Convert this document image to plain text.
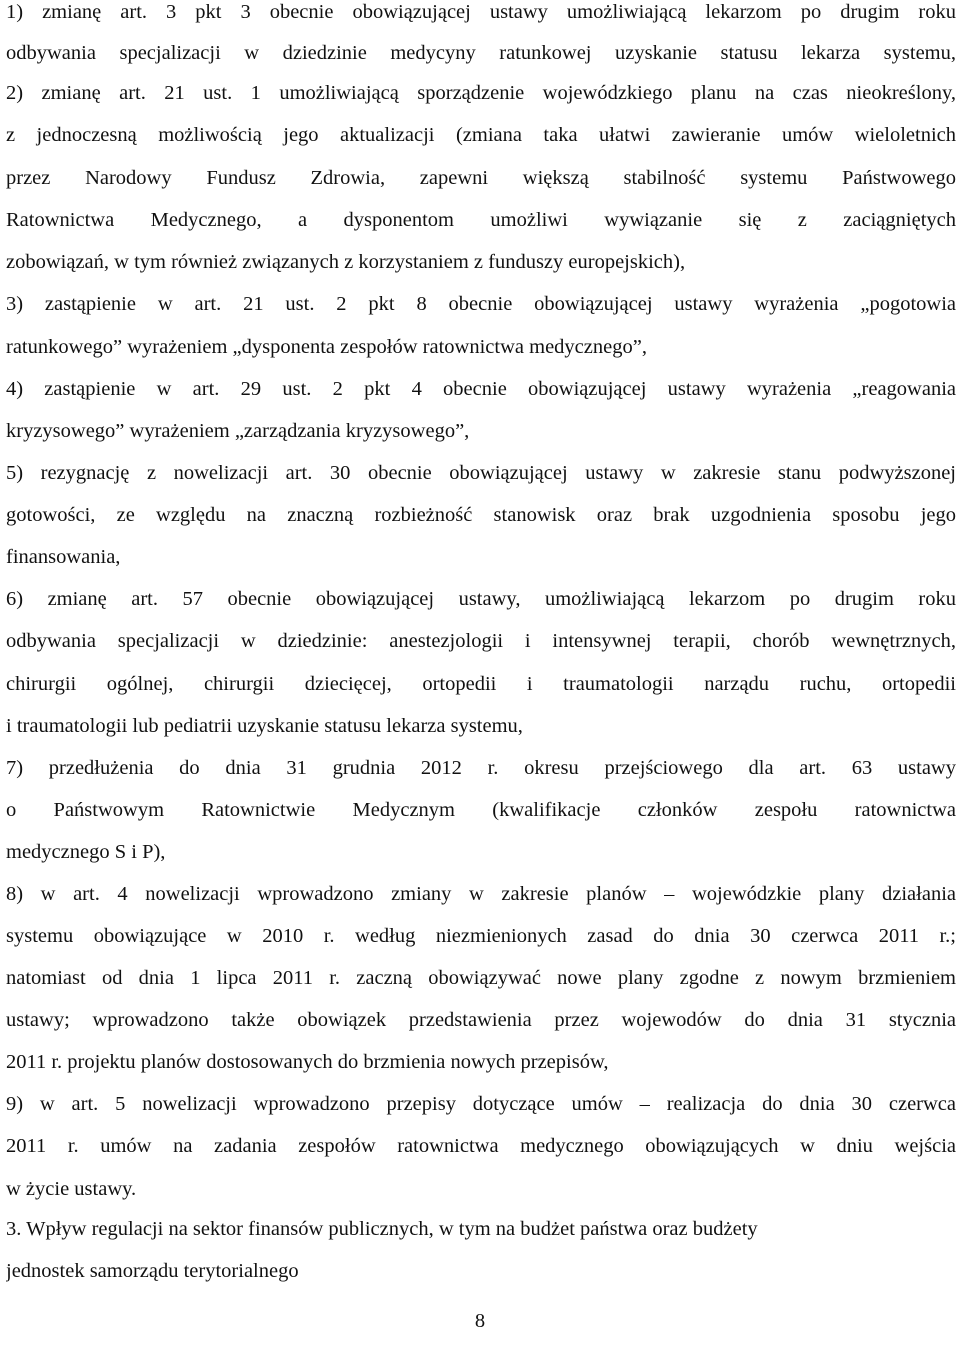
1) zmianę art. 3 pkt 3 obecnie obowiązującej ustawy umożliwiającą lekarzom po drugim roku
odbywania specjalizacji w dziedzinie medycyny ratunkowej uzyskanie statusu lekarza systemu,
2) zmianę art. 21 ust. 1 umożliwiającą sporządzenie wojewódzkiego planu na czas nieokreślony,
z jednoczesną możliwością jego aktualizacji (zmiana taka ułatwi zawieranie umów wieloletnich
przez Narodowy Fundusz Zdrowia, zapewni większą stabilność systemu Państwowego
Ratownictwa Medycznego, a dysponentom umożliwi wywiązanie się z zaciągniętych
zobowiązań, w tym również związanych z korzystaniem z funduszy europejskich),
3) zastąpienie w art. 21 ust. 2 pkt 8 obecnie obowiązującej ustawy wyrażenia „pogotowia
ratunkowego” wyrażeniem „dysponenta zespołów ratownictwa medycznego”,
4) zastąpienie w art. 29 ust. 2 pkt 4 obecnie obowiązującej ustawy wyrażenia „reagowania
kryzysowego” wyrażeniem „zarządzania kryzysowego”,
5) rezygnację z nowelizacji art. 30 obecnie obowiązującej ustawy w zakresie stanu podwyższonej
gotowości, ze względu na znaczną rozbieżność stanowisk oraz brak uzgodnienia sposobu jego
finansowania,
6) zmianę art. 57 obecnie obowiązującej ustawy, umożliwiającą lekarzom po drugim roku
odbywania specjalizacji w dziedzinie: anestezjologii i intensywnej terapii, chorób wewnętrznych,
chirurgii ogólnej, chirurgii dziecięcej, ortopedii i traumatologii narządu ruchu, ortopedii
i traumatologii lub pediatrii uzyskanie statusu lekarza systemu,
7) przedłużenia do dnia 31 grudnia 2012 r. okresu przejściowego dla art. 63 ustawy
o Państwowym Ratownictwie Medycznym (kwalifikacje członków zespołu ratownictwa
medycznego S i P),
8) w art. 4 nowelizacji wprowadzono zmiany w zakresie planów – wojewódzkie plany działania
systemu obowiązujące w 2010 r. według niezmienionych zasad do dnia 30 czerwca 2011 r.;
natomiast od dnia 1 lipca 2011 r. zaczną obowiązywać nowe plany zgodne z nowym brzmieniem
ustawy; wprowadzono także obowiązek przedstawienia przez wojewodów do dnia 31 stycznia
2011 r. projektu planów dostosowanych do brzmienia nowych przepisów,
9) w art. 5 nowelizacji wprowadzono przepisy dotyczące umów – realizacja do dnia 30 czerwca
2011 r. umów na zadania zespołów ratownictwa medycznego obowiązujących w dniu wejścia
w życie ustawy.
3. Wpływ regulacji na sektor finansów publicznych, w tym na budżet państwa oraz budżety
jednostek samorządu terytorialnego
8
